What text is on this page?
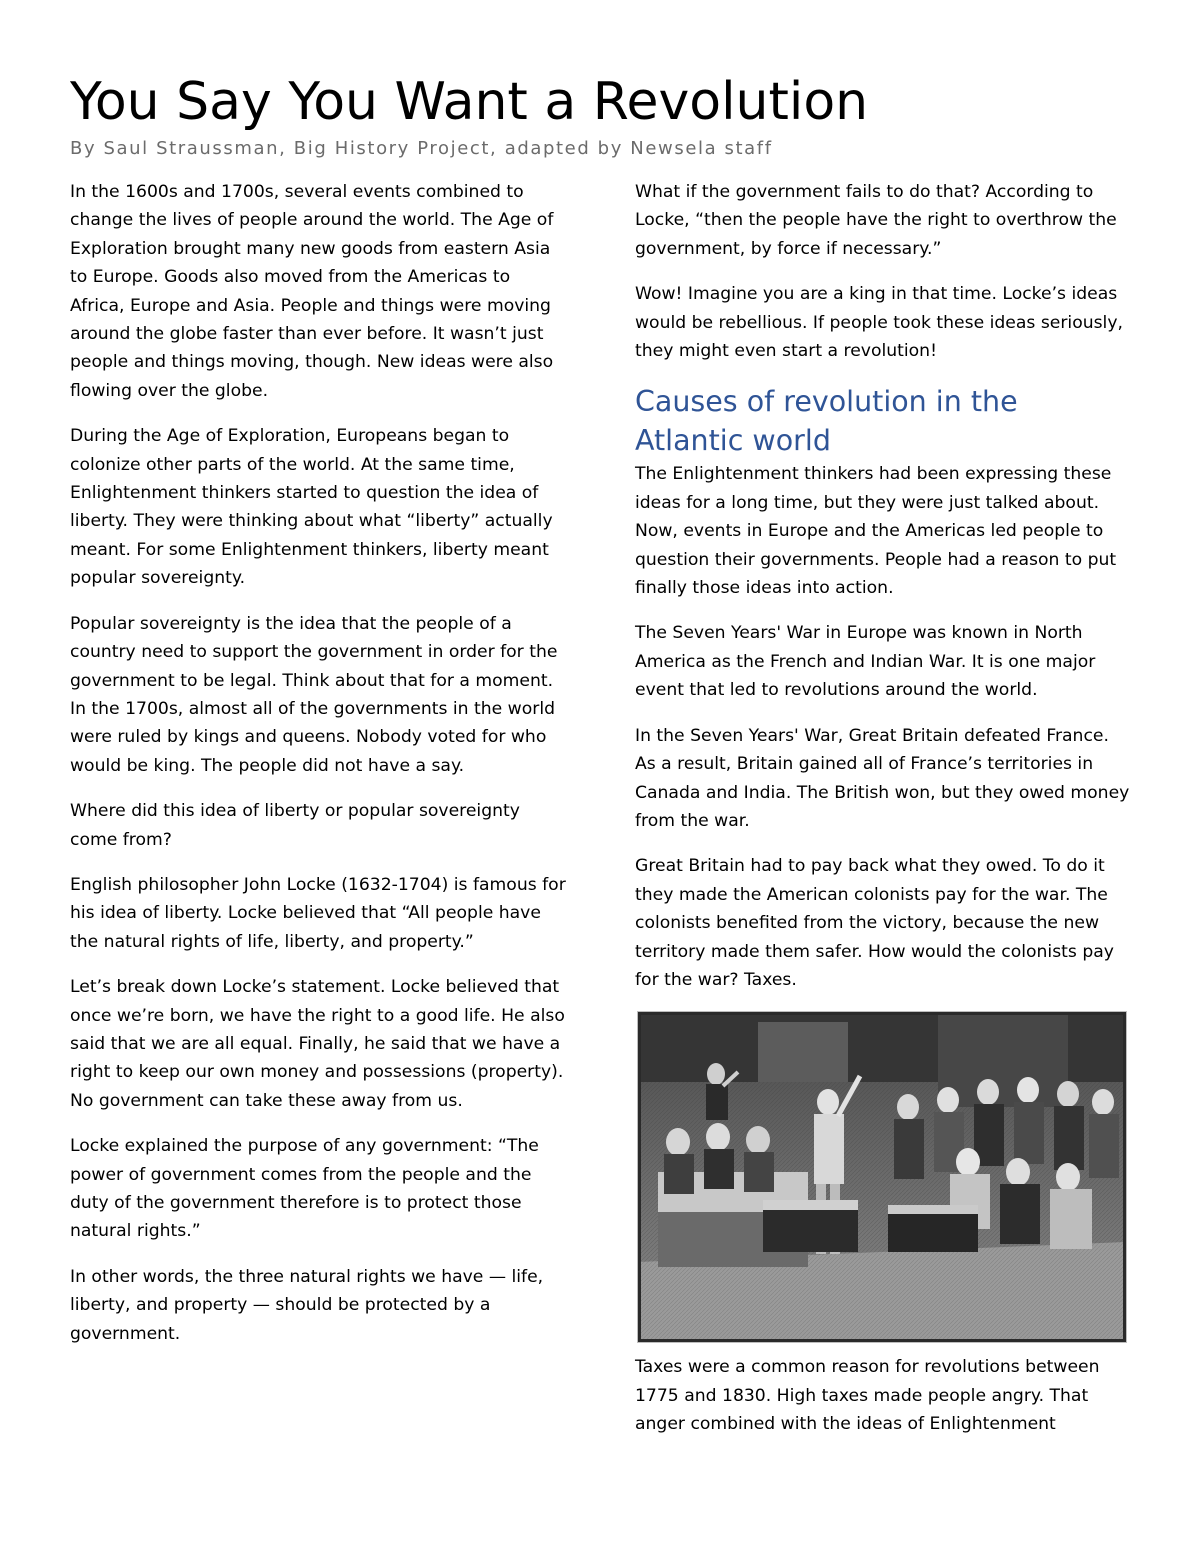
You Say You Want a Revolution
By Saul Straussman, Big History Project, adapted by Newsela staff

In the 1600s and 1700s, several events combined to change the lives of people around the world. The Age of Exploration brought many new goods from eastern Asia to Europe. Goods also moved from the Americas to Africa, Europe and Asia. People and things were moving around the globe faster than ever before. It wasn’t just people and things moving, though. New ideas were also flowing over the globe.

During the Age of Exploration, Europeans began to colonize other parts of the world. At the same time, Enlightenment thinkers started to question the idea of liberty. They were thinking about what “liberty” actually meant. For some Enlightenment thinkers, liberty meant popular sovereignty.

Popular sovereignty is the idea that the people of a country need to support the government in order for the government to be legal. Think about that for a moment. In the 1700s, almost all of the governments in the world were ruled by kings and queens. Nobody voted for who would be king. The people did not have a say.

Where did this idea of liberty or popular sovereignty come from?

English philosopher John Locke (1632-1704) is famous for his idea of liberty. Locke believed that “All people have the natural rights of life, liberty, and property.”

Let’s break down Locke’s statement. Locke believed that once we’re born, we have the right to a good life. He also said that we are all equal. Finally, he said that we have a right to keep our own money and possessions (property). No government can take these away from us.

Locke explained the purpose of any government: “The power of government comes from the people and the duty of the government therefore is to protect those natural rights.”

In other words, the three natural rights we have — life, liberty, and property — should be protected by a government.

What if the government fails to do that? According to Locke, “then the people have the right to overthrow the government, by force if necessary.”

Wow! Imagine you are a king in that time. Locke’s ideas would be rebellious. If people took these ideas seriously, they might even start a revolution!

Causes of revolution in the Atlantic world

The Enlightenment thinkers had been expressing these ideas for a long time, but they were just talked about. Now, events in Europe and the Americas led people to question their governments. People had a reason to put finally those ideas into action.

The Seven Years' War in Europe was known in North America as the French and Indian War. It is one major event that led to revolutions around the world.

In the Seven Years' War, Great Britain defeated France. As a result, Britain gained all of France’s territories in Canada and India. The British won, but they owed money from the war.

Great Britain had to pay back what they owed. To do it they made the American colonists pay for the war. The colonists benefited from the victory, because the new territory made them safer. How would the colonists pay for the war? Taxes.

Taxes were a common reason for revolutions between 1775 and 1830. High taxes made people angry. That anger combined with the ideas of Enlightenment
